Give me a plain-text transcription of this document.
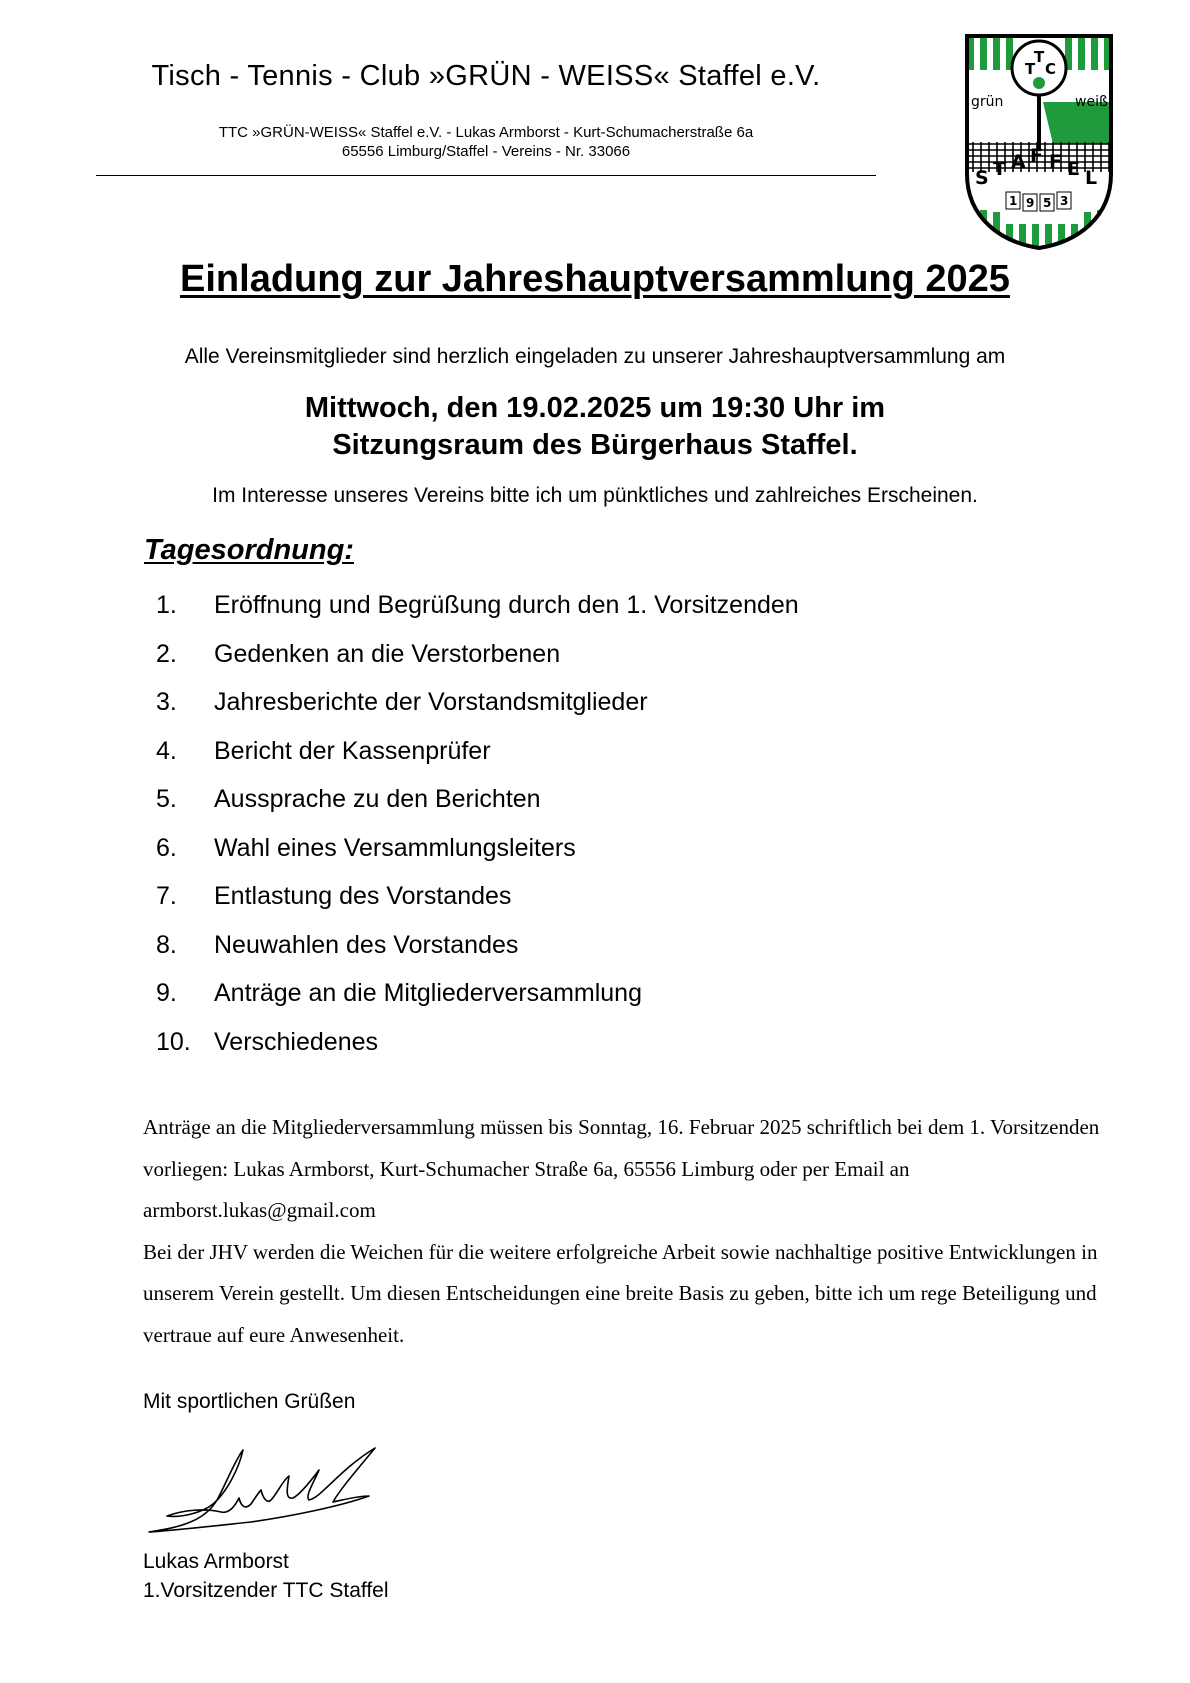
Tisch - Tennis - Club »GRÜN - WEISS« Staffel e.V.
TTC »GRÜN-WEISS« Staffel e.V. - Lukas Armborst - Kurt-Schumacherstraße 6a
65556 Limburg/Staffel - Vereins - Nr. 33066
T
T
C
grün	weiß
S T A F F E L
1 9 5 3
Einladung zur Jahreshauptversammlung 2025
Alle Vereinsmitglieder sind herzlich eingeladen zu unserer Jahreshauptversammlung am
Mittwoch, den 19.02.2025 um 19:30 Uhr im
Sitzungsraum des Bürgerhaus Staffel.
Im Interesse unseres Vereins bitte ich um pünktliches und zahlreiches Erscheinen.
Tagesordnung:
1.	Eröffnung und Begrüßung durch den 1. Vorsitzenden
2.	Gedenken an die Verstorbenen
3.	Jahresberichte der Vorstandsmitglieder
4.	Bericht der Kassenprüfer
5.	Aussprache zu den Berichten
6.	Wahl eines Versammlungsleiters
7.	Entlastung des Vorstandes
8.	Neuwahlen des Vorstandes
9.	Anträge an die Mitgliederversammlung
10. Verschiedenes

Anträge an die Mitgliederversammlung müssen bis Sonntag, 16. Februar 2025 schriftlich bei dem 1. Vorsitzenden vorliegen: Lukas Armborst, Kurt-Schumacher Straße 6a, 65556 Limburg oder per Email an armborst.lukas@gmail.com

Bei der JHV werden die Weichen für die weitere erfolgreiche Arbeit sowie nachhaltige positive Entwicklungen in unserem Verein gestellt. Um diesen Entscheidungen eine breite Basis zu geben, bitte ich um rege Beteiligung und vertraue auf eure Anwesenheit.

Mit sportlichen Grüßen
Lukas Armborst
1.Vorsitzender TTC Staffel
